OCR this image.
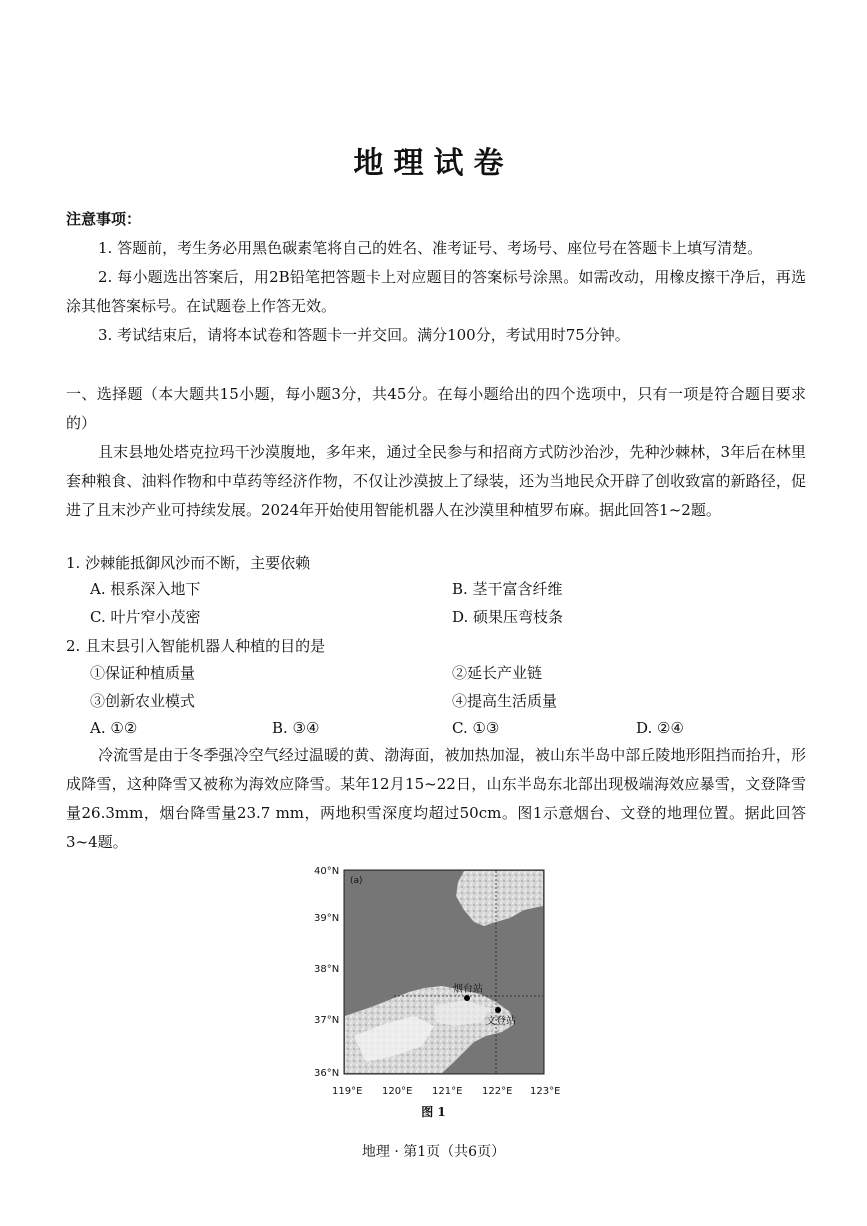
地理试卷
注意事项：
1. 答题前，考生务必用黑色碳素笔将自己的姓名、准考证号、考场号、座位号在答题卡上填写清楚。
2. 每小题选出答案后，用2B铅笔把答题卡上对应题目的答案标号涂黑。如需改动，用橡皮擦干净后，再选涂其他答案标号。在试题卷上作答无效。
3. 考试结束后，请将本试卷和答题卡一并交回。满分100分，考试用时75分钟。
一、选择题（本大题共15小题，每小题3分，共45分。在每小题给出的四个选项中，只有一项是符合题目要求的）
且末县地处塔克拉玛干沙漠腹地，多年来，通过全民参与和招商方式防沙治沙，先种沙棘林，3年后在林里套种粮食、油料作物和中草药等经济作物，不仅让沙漠披上了绿装，还为当地民众开辟了创收致富的新路径，促进了且末沙产业可持续发展。2024年开始使用智能机器人在沙漠里种植罗布麻。据此回答1~2题。
1. 沙棘能抵御风沙而不断，主要依赖
A. 根系深入地下	B. 茎干富含纤维
C. 叶片窄小茂密	D. 硕果压弯枝条
2. 且末县引入智能机器人种植的目的是
①保证种植质量	②延长产业链
③创新农业模式	④提高生活质量
A. ①②	B. ③④	C. ①③	D. ②④
冷流雪是由于冬季强冷空气经过温暖的黄、渤海面，被加热加湿，被山东半岛中部丘陵地形阻挡而抬升，形成降雪，这种降雪又被称为海效应降雪。某年12月15~22日，山东半岛东北部出现极端海效应暴雪，文登降雪量26.3mm，烟台降雪量23.7 mm，两地积雪深度均超过50cm。图1示意烟台、文登的地理位置。据此回答3~4题。
烟台站
文登站
(a)
40°N
39°N
38°N
37°N
36°N
119°E 120°E 121°E 122°E 123°E
图 1
地理 · 第1页（共6页）
